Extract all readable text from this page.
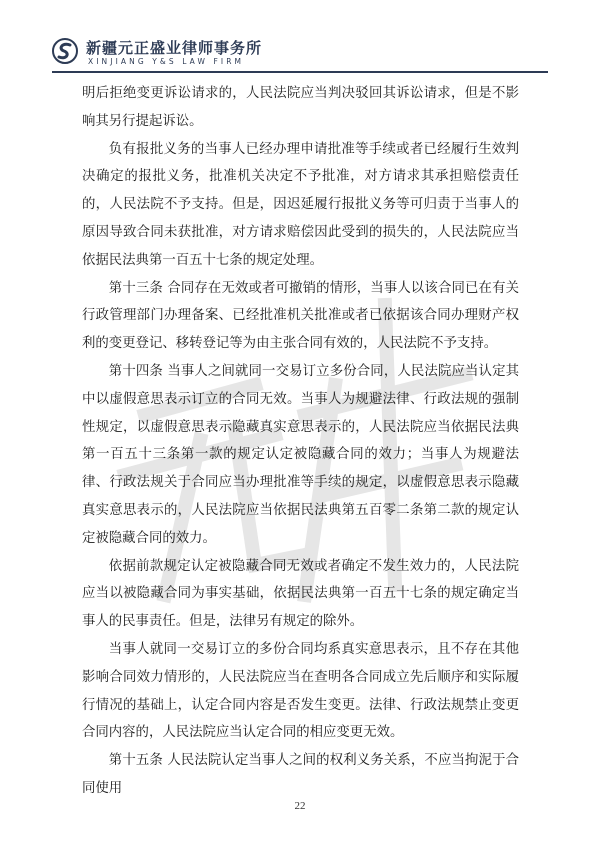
新疆元正盛业律师事务所
XINJIANG Y&S LAW FIRM

明后拒绝变更诉讼请求的，人民法院应当判决驳回其诉讼请求，但是不影响其另行提起诉讼。

负有报批义务的当事人已经办理申请批准等手续或者已经履行生效判决确定的报批义务，批准机关决定不予批准，对方请求其承担赔偿责任的，人民法院不予支持。但是，因迟延履行报批义务等可归责于当事人的原因导致合同未获批准，对方请求赔偿因此受到的损失的，人民法院应当依据民法典第一百五十七条的规定处理。

第十三条 合同存在无效或者可撤销的情形，当事人以该合同已在有关行政管理部门办理备案、已经批准机关批准或者已依据该合同办理财产权利的变更登记、移转登记等为由主张合同有效的，人民法院不予支持。

第十四条 当事人之间就同一交易订立多份合同，人民法院应当认定其中以虚假意思表示订立的合同无效。当事人为规避法律、行政法规的强制性规定，以虚假意思表示隐藏真实意思表示的，人民法院应当依据民法典第一百五十三条第一款的规定认定被隐藏合同的效力；当事人为规避法律、行政法规关于合同应当办理批准等手续的规定，以虚假意思表示隐藏真实意思表示的，人民法院应当依据民法典第五百零二条第二款的规定认定被隐藏合同的效力。

依据前款规定认定被隐藏合同无效或者确定不发生效力的，人民法院应当以被隐藏合同为事实基础，依据民法典第一百五十七条的规定确定当事人的民事责任。但是，法律另有规定的除外。

当事人就同一交易订立的多份合同均系真实意思表示，且不存在其他影响合同效力情形的，人民法院应当在查明各合同成立先后顺序和实际履行情况的基础上，认定合同内容是否发生变更。法律、行政法规禁止变更合同内容的，人民法院应当认定合同的相应变更无效。

第十五条 人民法院认定当事人之间的权利义务关系，不应当拘泥于合同使用

22
